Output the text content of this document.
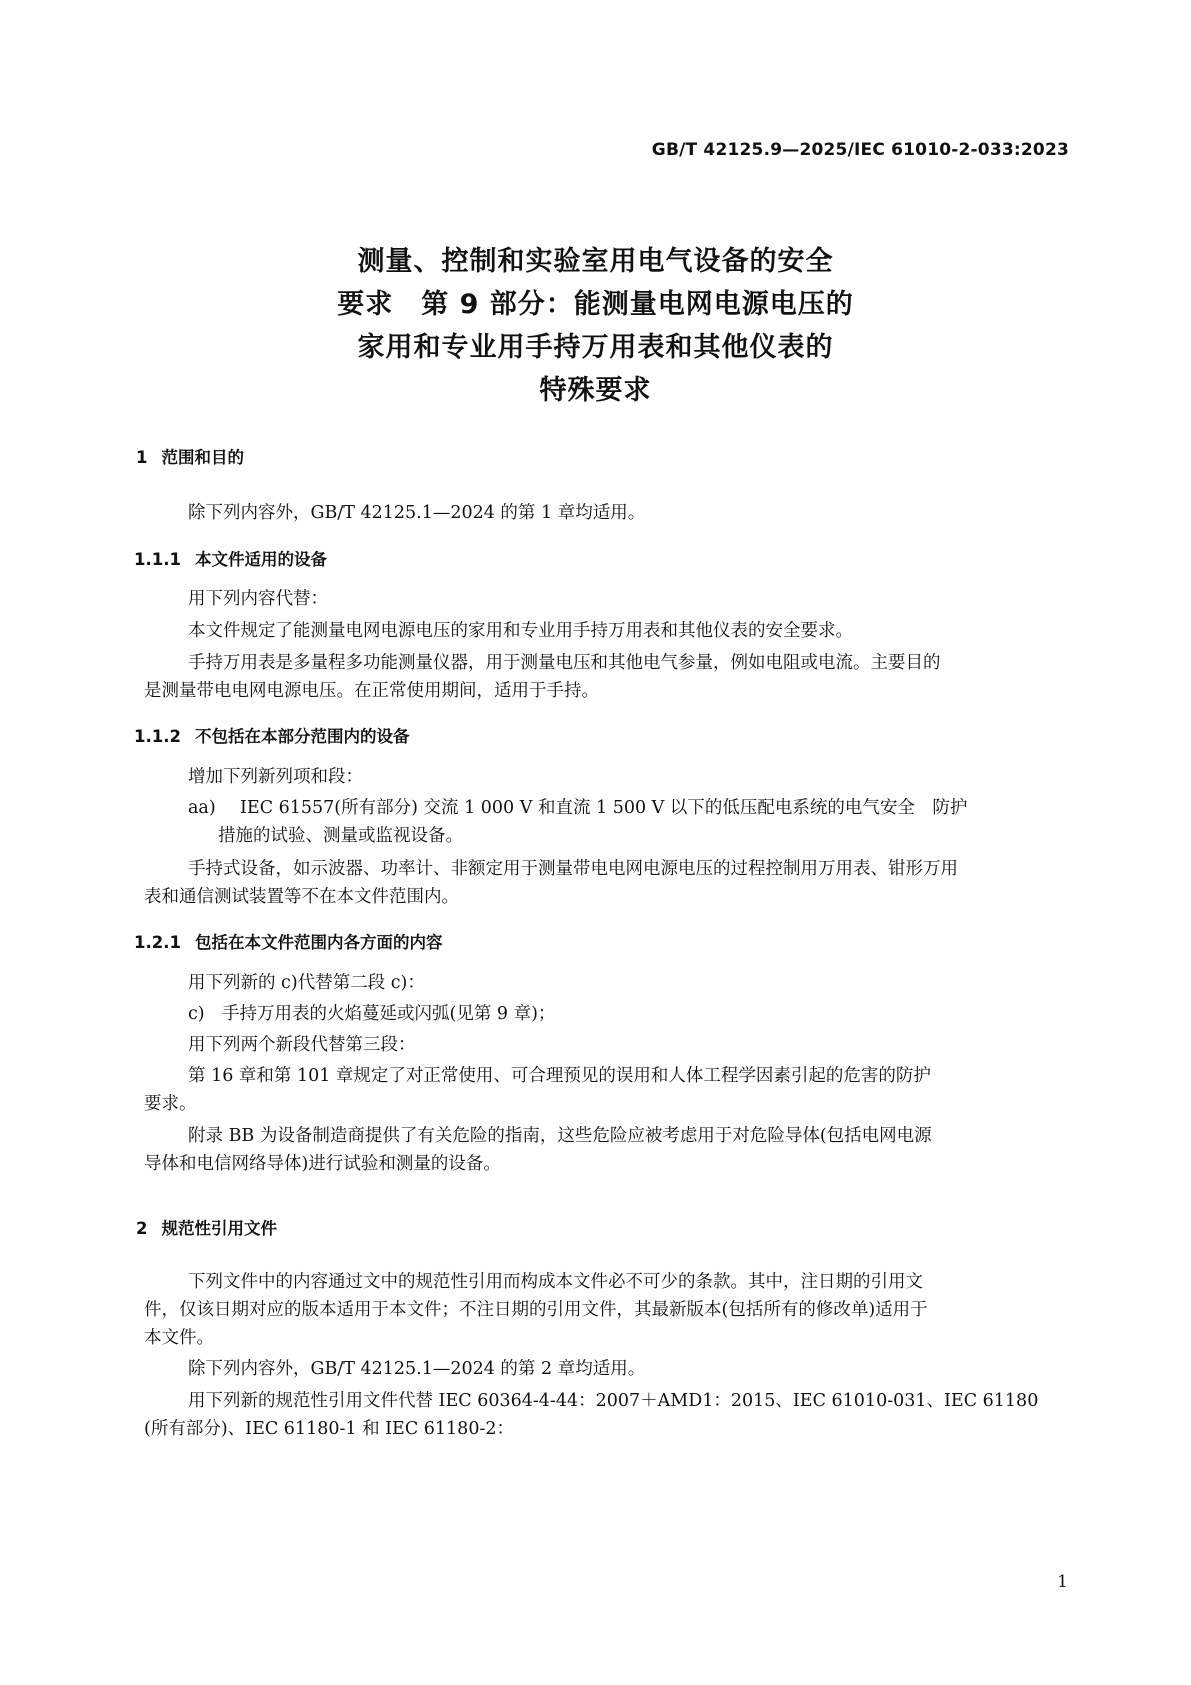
GB/T 42125.9—2025/IEC 61010-2-033:2023
测量、控制和实验室用电气设备的安全
要求　第 9 部分：能测量电网电源电压的
家用和专业用手持万用表和其他仪表的
特殊要求
1 范围和目的
除下列内容外，GB/T 42125.1—2024 的第 1 章均适用。
1.1.1 本文件适用的设备
用下列内容代替：
本文件规定了能测量电网电源电压的家用和专业用手持万用表和其他仪表的安全要求。
手持万用表是多量程多功能测量仪器，用于测量电压和其他电气参量，例如电阻或电流。主要目的
是测量带电电网电源电压。在正常使用期间，适用于手持。
1.1.2 不包括在本部分范围内的设备
增加下列新列项和段：
aa) IEC 61557(所有部分) 交流 1 000 V 和直流 1 500 V 以下的低压配电系统的电气安全　防护
措施的试验、测量或监视设备。
手持式设备，如示波器、功率计、非额定用于测量带电电网电源电压的过程控制用万用表、钳形万用
表和通信测试装置等不在本文件范围内。
1.2.1 包括在本文件范围内各方面的内容
用下列新的 c)代替第二段 c)：
c) 手持万用表的火焰蔓延或闪弧(见第 9 章)；
用下列两个新段代替第三段：
第 16 章和第 101 章规定了对正常使用、可合理预见的误用和人体工程学因素引起的危害的防护
要求。
附录 BB 为设备制造商提供了有关危险的指南，这些危险应被考虑用于对危险导体(包括电网电源
导体和电信网络导体)进行试验和测量的设备。
2 规范性引用文件
下列文件中的内容通过文中的规范性引用而构成本文件必不可少的条款。其中，注日期的引用文
件，仅该日期对应的版本适用于本文件；不注日期的引用文件，其最新版本(包括所有的修改单)适用于
本文件。
除下列内容外，GB/T 42125.1—2024 的第 2 章均适用。
用下列新的规范性引用文件代替 IEC 60364-4-44：2007＋AMD1：2015、IEC 61010-031、IEC 61180
(所有部分)、IEC 61180-1 和 IEC 61180-2：
1
